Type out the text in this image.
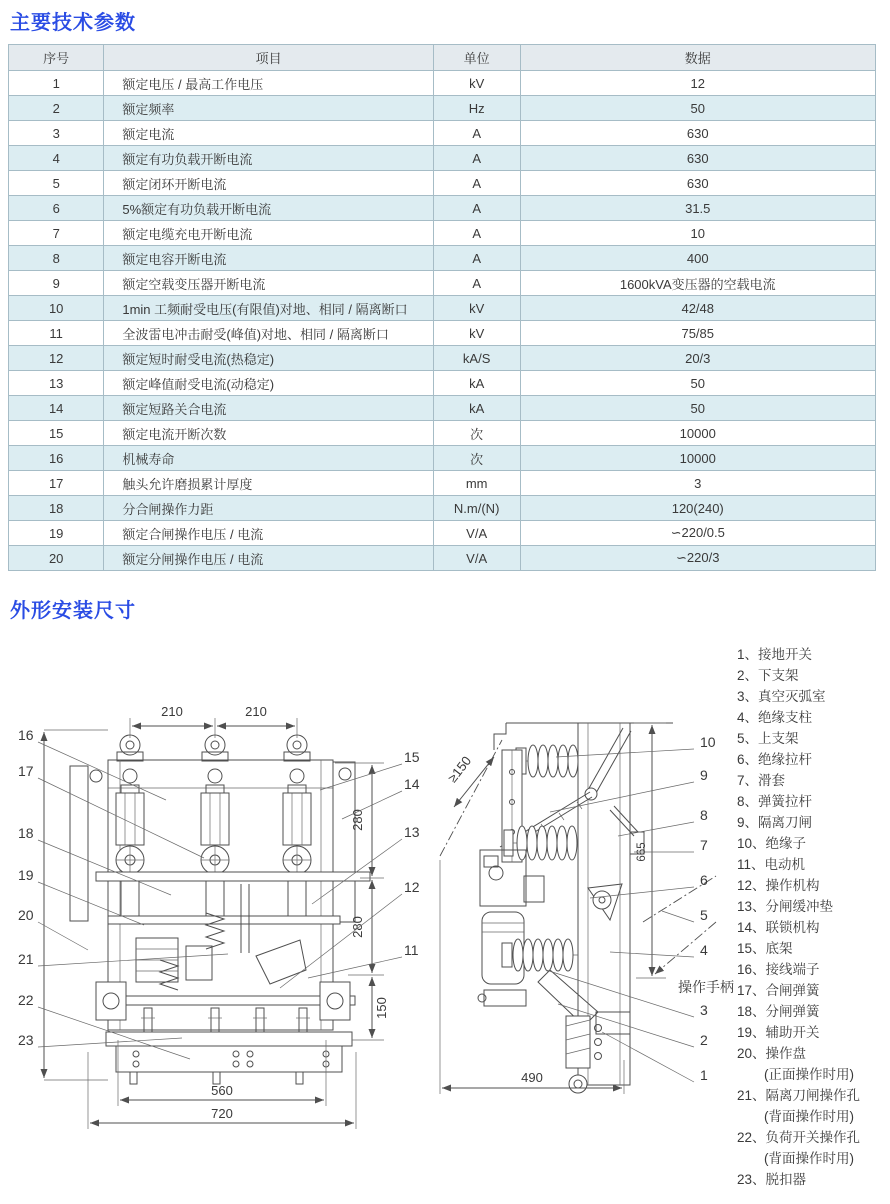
主要技术参数
序号	项目	单位	数据
1	额定电压 / 最高工作电压	kV	12
2	额定频率	Hz	50
3	额定电流	A	630
4	额定有功负载开断电流	A	630
5	额定闭环开断电流	A	630
6	5%额定有功负载开断电流	A	31.5
7	额定电缆充电开断电流	A	10
8	额定电容开断电流	A	400
9	额定空载变压器开断电流	A	1600kVA变压器的空载电流
10	1min 工频耐受电压(有限值)对地、相同 / 隔离断口	kV	42/48
11	全波雷电冲击耐受(峰值)对地、相同 / 隔离断口	kV	75/85
12	额定短时耐受电流(热稳定)	kA/S	20/3
13	额定峰值耐受电流(动稳定)	kA	50
14	额定短路关合电流	kA	50
15	额定电流开断次数	次	10000
16	机械寿命	次	10000
17	触头允许磨损累计厚度	mm	3
18	分合闸操作力距	N.m/(N)	120(240)
19	额定合闸操作电压 / 电流	V/A	∽220/0.5
20	额定分闸操作电压 / 电流	V/A	∽220/3
外形安装尺寸
210	210
280
280
150
560
720
16
17
18
19
20
21
22
23
15
14
13
12
11
≥150
665
490
10
9
8
7
6
5
4
3
2
1
操作手柄
1、接地开关
2、下支架
3、真空灭弧室
4、绝缘支柱
5、上支架
6、绝缘拉杆
7、滑套
8、弹簧拉杆
9、隔离刀闸
10、绝缘子
11、电动机
12、操作机构
13、分闸缓冲垫
14、联锁机构
15、底架
16、接线端子
17、合闸弹簧
18、分闸弹簧
19、辅助开关
20、操作盘
(正面操作时用)
21、隔离刀闸操作孔
(背面操作时用)
22、负荷开关操作孔
(背面操作时用)
23、脱扣器
